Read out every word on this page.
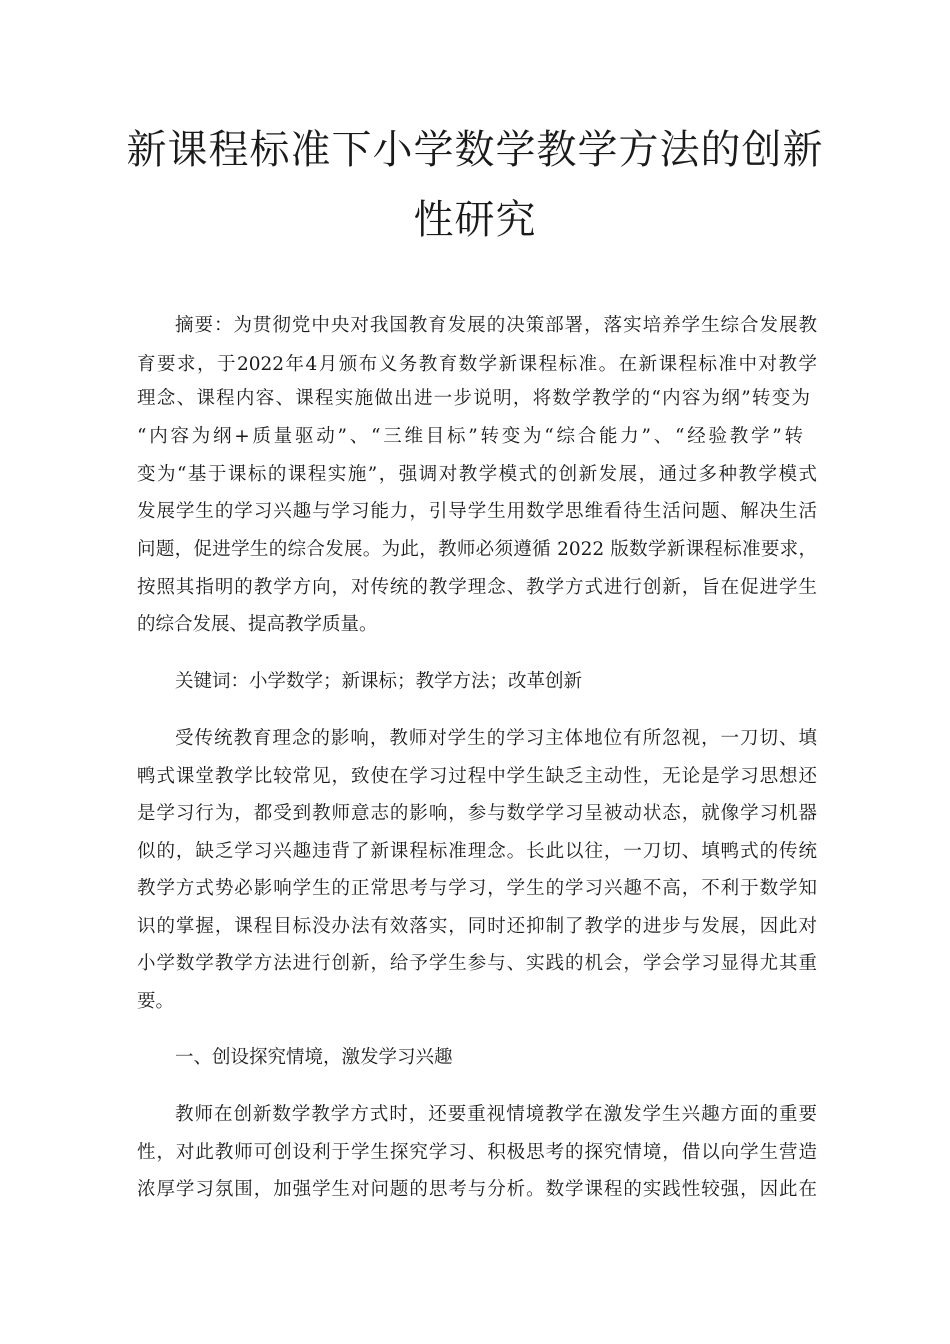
新课程标准下小学数学教学方法的创新
性研究
摘要：为贯彻党中央对我国教育发展的决策部署，落实培养学生综合发展教
育要求，于2022年4月颁布义务教育数学新课程标准。在新课程标准中对教学
理念、课程内容、课程实施做出进一步说明，将数学教学的“内容为纲”转变为
“内容为纲+质量驱动”、“三维目标”转变为“综合能力”、“经验教学”转
变为“基于课标的课程实施”，强调对教学模式的创新发展，通过多种教学模式
发展学生的学习兴趣与学习能力，引导学生用数学思维看待生活问题、解决生活
问题，促进学生的综合发展。为此，教师必须遵循 2022 版数学新课程标准要求，
按照其指明的教学方向，对传统的教学理念、教学方式进行创新，旨在促进学生
的综合发展、提高教学质量。
关键词：小学数学；新课标；教学方法；改革创新
受传统教育理念的影响，教师对学生的学习主体地位有所忽视，一刀切、填
鸭式课堂教学比较常见，致使在学习过程中学生缺乏主动性，无论是学习思想还
是学习行为，都受到教师意志的影响，参与数学学习呈被动状态，就像学习机器
似的，缺乏学习兴趣违背了新课程标准理念。长此以往，一刀切、填鸭式的传统
教学方式势必影响学生的正常思考与学习，学生的学习兴趣不高，不利于数学知
识的掌握，课程目标没办法有效落实，同时还抑制了教学的进步与发展，因此对
小学数学教学方法进行创新，给予学生参与、实践的机会，学会学习显得尤其重
要。
一、创设探究情境，激发学习兴趣
教师在创新数学教学方式时，还要重视情境教学在激发学生兴趣方面的重要
性，对此教师可创设利于学生探究学习、积极思考的探究情境，借以向学生营造
浓厚学习氛围，加强学生对问题的思考与分析。数学课程的实践性较强，因此在
